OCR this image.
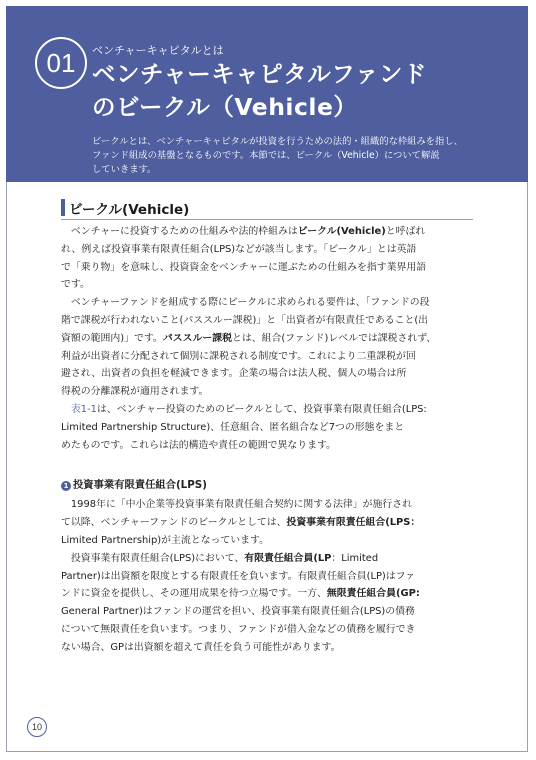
01	ベンチャーキャピタルとは
ベンチャーキャピタルファンド
のビークル（Vehicle）
ビークルとは、ベンチャーキャピタルが投資を行うための法的・組織的な枠組みを指し、
ファンド組成の基盤となるものです。本節では、ビークル（Vehicle）について解説
していきます。
ビークル(Vehicle)
　ベンチャーに投資するための仕組みや法的枠組みはビークル(Vehicle)と呼ばれ
れ、例えば投資事業有限責任組合(LPS)などが該当します。「ビークル」とは英語
で「乗り物」を意味し、投資資金をベンチャーに運ぶための仕組みを指す業界用語
です。
　ベンチャーファンドを組成する際にビークルに求められる要件は、「ファンドの段
階で課税が行われないこと(パススルー課税)」と「出資者が有限責任であること(出
資額の範囲内)」です。パススルー課税とは、組合(ファンド)レベルでは課税されず、
利益が出資者に分配されて個別に課税される制度です。これにより二重課税が回
避され、出資者の負担を軽減できます。企業の場合は法人税、個人の場合は所
得税の分離課税が適用されます。
　表1-1は、ベンチャー投資のためのビークルとして、投資事業有限責任組合(LPS:
Limited Partnership Structure)、任意組合、匿名組合など7つの形態をまと
めたものです。これらは法的構造や責任の範囲で異なります。
1 投資事業有限責任組合(LPS)
　1998年に「中小企業等投資事業有限責任組合契約に関する法律」が施行され
て以降、ベンチャーファンドのビークルとしては、投資事業有限責任組合(LPS：
Limited Partnership)が主流となっています。
　投資事業有限責任組合(LPS)において、有限責任組合員(LP：Limited
Partner)は出資額を限度とする有限責任を負います。有限責任組合員(LP)はファ
ンドに資金を提供し、その運用成果を待つ立場です。一方、無限責任組合員(GP:
General Partner)はファンドの運営を担い、投資事業有限責任組合(LPS)の債務
について無限責任を負います。つまり、ファンドが借入金などの債務を履行でき
ない場合、GPは出資額を超えて責任を負う可能性があります。
10
